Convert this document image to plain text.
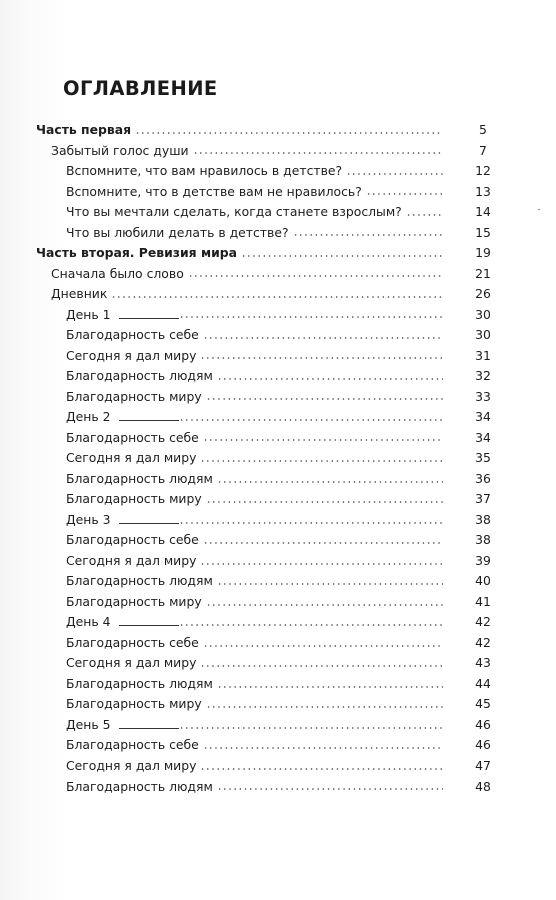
ОГЛАВЛЕНИЕ
Часть первая	5
Забытый голос души	7
Вспомните, что вам нравилось в детстве?	12
Вспомните, что в детстве вам не нравилось?	13
Что вы мечтали сделать, когда станете взрослым?	14
Что вы любили делать в детстве?	15
Часть вторая. Ревизия мира	19
Сначала было слово	21
Дневник	26
День 1	30
Благодарность себе	30
Сегодня я дал миру	31
Благодарность людям	32
Благодарность миру	33
День 2	34
Благодарность себе	34
Сегодня я дал миру	35
Благодарность людям	36
Благодарность миру	37
День 3	38
Благодарность себе	38
Сегодня я дал миру	39
Благодарность людям	40
Благодарность миру	41
День 4	42
Благодарность себе	42
Сегодня я дал миру	43
Благодарность людям	44
Благодарность миру	45
День 5	46
Благодарность себе	46
Сегодня я дал миру	47
Благодарность людям	48
˘
